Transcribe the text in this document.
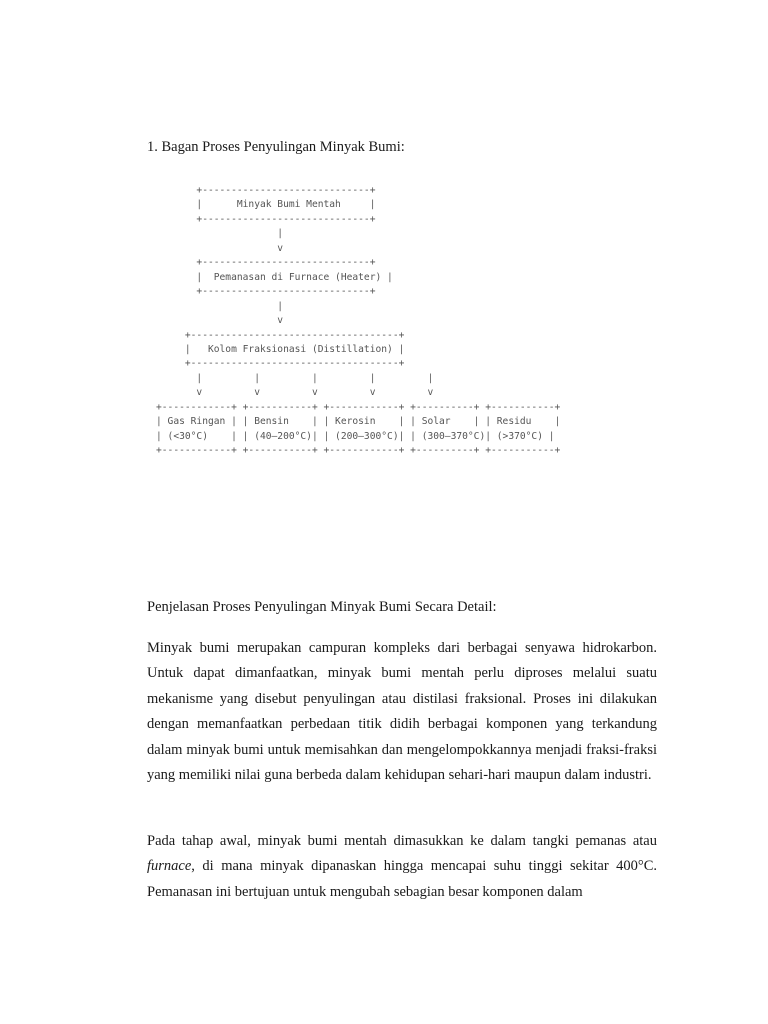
1. Bagan Proses Penyulingan Minyak Bumi:

+-----------------------------+
|      Minyak Bumi Mentah     |
+-----------------------------+
|
v
+-----------------------------+
|  Pemanasan di Furnace (Heater) |
+-----------------------------+
|
v
+------------------------------------+
|   Kolom Fraksionasi (Distillation) |
+------------------------------------+
|         |         |         |         |
v         v         v         v         v
+------------+ +-----------+ +------------+ +----------+ +-----------+
| Gas Ringan | | Bensin    | | Kerosin    | | Solar    | | Residu    |
| (<30°C)    | | (40–200°C)| | (200–300°C)| | (300–370°C)| (>370°C) |
+------------+ +-----------+ +------------+ +----------+ +-----------+

Penjelasan Proses Penyulingan Minyak Bumi Secara Detail:

Minyak bumi merupakan campuran kompleks dari berbagai senyawa hidrokarbon. Untuk dapat dimanfaatkan, minyak bumi mentah perlu diproses melalui suatu mekanisme yang disebut penyulingan atau distilasi fraksional. Proses ini dilakukan dengan memanfaatkan perbedaan titik didih berbagai komponen yang terkandung dalam minyak bumi untuk memisahkan dan mengelompokkannya menjadi fraksi-fraksi yang memiliki nilai guna berbeda dalam kehidupan sehari-hari maupun dalam industri.

Pada tahap awal, minyak bumi mentah dimasukkan ke dalam tangki pemanas atau furnace, di mana minyak dipanaskan hingga mencapai suhu tinggi sekitar 400°C. Pemanasan ini bertujuan untuk mengubah sebagian besar komponen dalam
